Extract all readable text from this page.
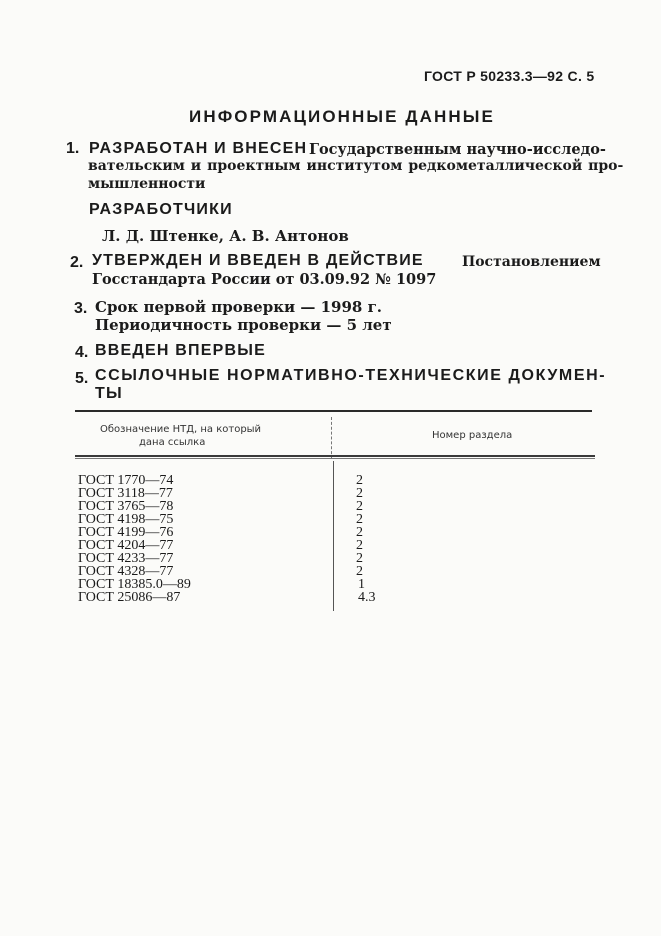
ГОСТ Р 50233.3—92 С. 5
ИНФОРМАЦИОННЫЕ ДАННЫЕ
1. РАЗРАБОТАН И ВНЕСЕН Государственным научно-исследо-
вательским и проектным институтом редкометаллической про-
мышленности
РАЗРАБОТЧИКИ
Л. Д. Штенке, А. В. Антонов
2. УТВЕРЖДЕН И ВВЕДЕН В ДЕЙСТВИЕ	Постановлением
Госстандарта России от 03.09.92 № 1097
3. Срок первой проверки — 1998 г.
Периодичность проверки — 5 лет
4. ВВЕДЕН ВПЕРВЫЕ
5. ССЫЛОЧНЫЕ НОРМАТИВНО-ТЕХНИЧЕСКИЕ ДОКУМЕН-
ТЫ
Обозначение НТД, на который
дана ссылка
Номер раздела
ГОСТ 1770—74	2
ГОСТ 3118—77	2
ГОСТ 3765—78	2
ГОСТ 4198—75	2
ГОСТ 4199—76	2
ГОСТ 4204—77	2
ГОСТ 4233—77	2
ГОСТ 4328—77	2
ГОСТ 18385.0—89	1
ГОСТ 25086—87	4.3
